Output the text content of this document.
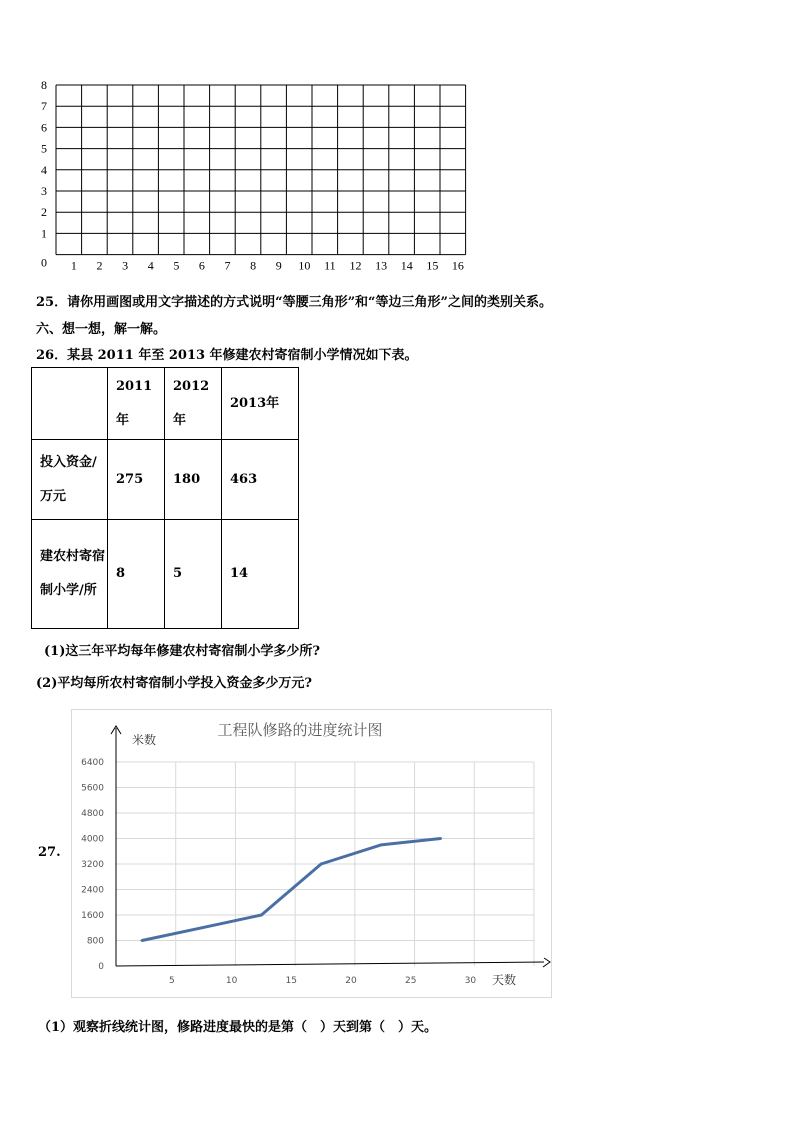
0
1
2
3
4
5
6
7
8
1 2 3 4 5 6 7 8 9 10 11 12 13 14 15 16
25．请你用画图或用文字描述的方式说明“等腰三角形”和“等边三角形”之间的类别关系。
六、想一想，解一解。
26．某县 2011 年至 2013 年修建农村寄宿制小学情况如下表。
	2011年	2012年	2013年
投入资金/万元	275	180	463
建农村寄宿制小学/所	8	5	14
(1)这三年平均每年修建农村寄宿制小学多少所?
(2)平均每所农村寄宿制小学投入资金多少万元?
27.
工程队修路的进度统计图
米数
天数
0
800
1600
2400
3200
4000
4800
5600
6400
5	10	15	20	25	30
（1）观察折线统计图，修路进度最快的是第（　）天到第（　）天。
